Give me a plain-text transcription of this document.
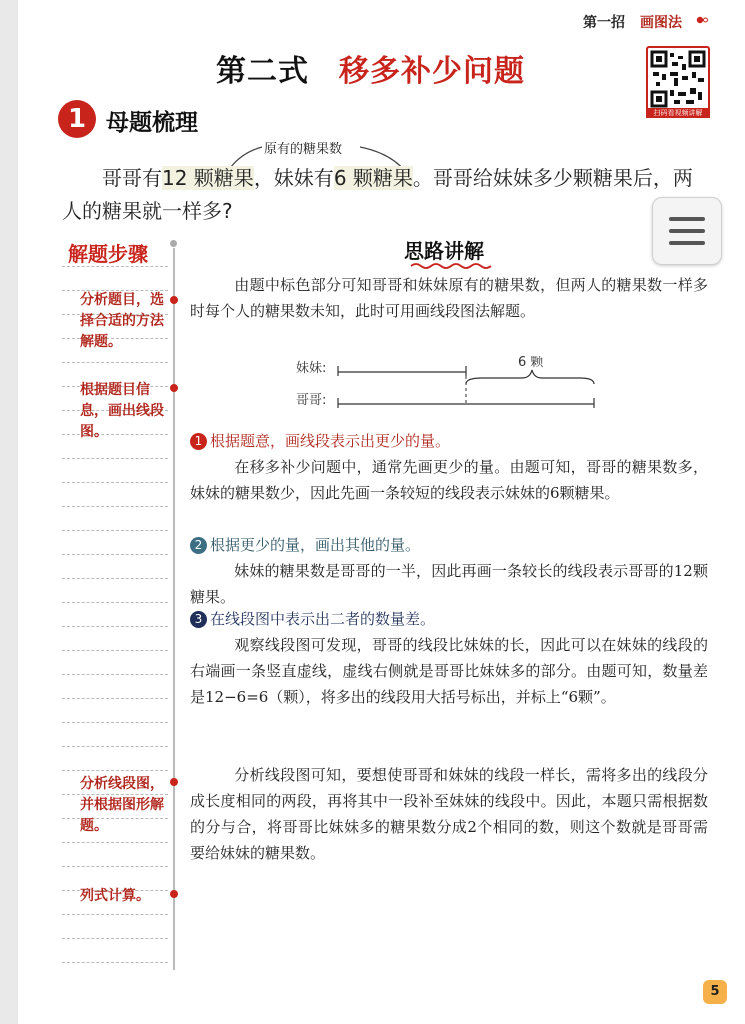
第一招 画图法
第二式 移多补少问题
扫码看视频讲解
1 母题梳理
原有的糖果数
哥哥有12 颗糖果，妹妹有6 颗糖果。哥哥给妹妹多少颗糖果后，两人的糖果就一样多?
解题步骤
分析题目，选择合适的方法解题。
根据题目信息，画出线段图。
分析线段图，并根据图形解题。
列式计算。
思路讲解
由题中标色部分可知哥哥和妹妹原有的糖果数，但两人的糖果数一样多时每个人的糖果数未知，此时可用画线段图法解题。
妹妹:	6 颗
哥哥:
1 根据题意，画线段表示出更少的量。
在移多补少问题中，通常先画更少的量。由题可知，哥哥的糖果数多，妹妹的糖果数少，因此先画一条较短的线段表示妹妹的6颗糖果。
2 根据更少的量，画出其他的量。
妹妹的糖果数是哥哥的一半，因此再画一条较长的线段表示哥哥的12颗糖果。
3 在线段图中表示出二者的数量差。
观察线段图可发现，哥哥的线段比妹妹的长，因此可以在妹妹的线段的右端画一条竖直虚线，虚线右侧就是哥哥比妹妹多的部分。由题可知，数量差是12−6=6（颗），将多出的线段用大括号标出，并标上“6颗”。
分析线段图可知，要想使哥哥和妹妹的线段一样长，需将多出的线段分成长度相同的两段，再将其中一段补至妹妹的线段中。因此，本题只需根据数的分与合，将哥哥比妹妹多的糖果数分成2个相同的数，则这个数就是哥哥需要给妹妹的糖果数。
5
